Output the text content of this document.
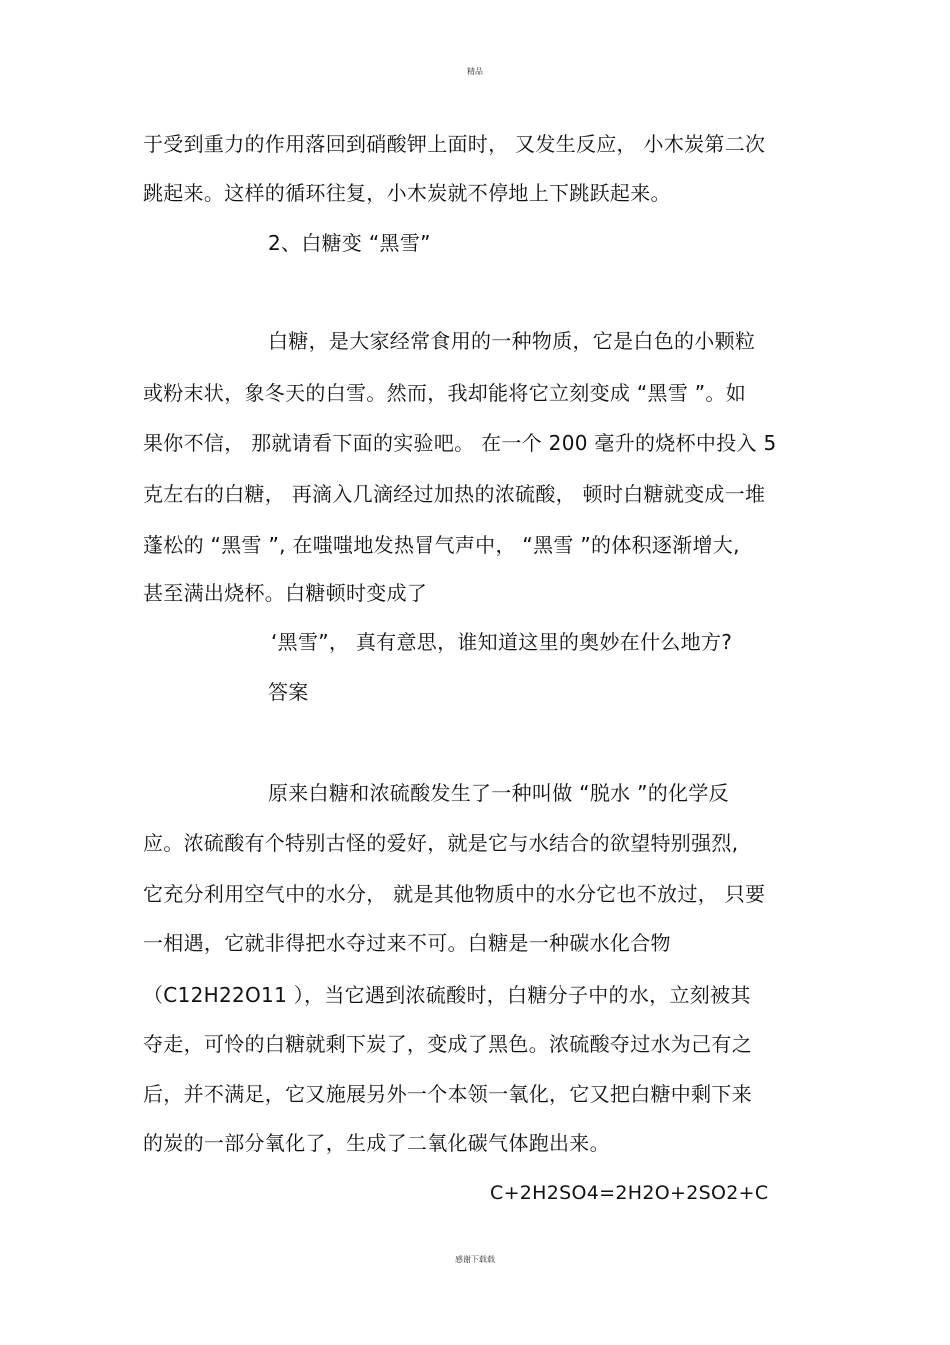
精品
于受到重力的作用落回到硝酸钾上面时， 又发生反应， 小木炭第二次
跳起来。这样的循环往复，小木炭就不停地上下跳跃起来。
2、白糖变 “黑雪”
白糖，是大家经常食用的一种物质，它是白色的小颗粒
或粉末状，象冬天的白雪。然而，我却能将它立刻变成 “黑雪 ”。如
果你不信， 那就请看下面的实验吧。 在一个 200 毫升的烧杯中投入 5
克左右的白糖， 再滴入几滴经过加热的浓硫酸， 顿时白糖就变成一堆
蓬松的 “黑雪 ”, 在嗤嗤地发热冒气声中， “黑雪 ”的体积逐渐增大,
甚至满出烧杯。白糖顿时变成了
‘黑雪”， 真有意思，谁知道这里的奥妙在什么地方?
答案
原来白糖和浓硫酸发生了一种叫做 “脱水 ”的化学反
应。浓硫酸有个特别古怪的爱好，就是它与水结合的欲望特别强烈,
它充分利用空气中的水分， 就是其他物质中的水分它也不放过， 只要
一相遇，它就非得把水夺过来不可。白糖是一种碳水化合物
（C12H22O11 ），当它遇到浓硫酸时，白糖分子中的水，立刻被其
夺走，可怜的白糖就剩下炭了，变成了黑色。浓硫酸夺过水为己有之
后，并不满足，它又施展另外一个本领一氧化，它又把白糖中剩下来
的炭的一部分氧化了，生成了二氧化碳气体跑出来。
C+2H2SO4=2H2O+2SO2+C
感谢下载载
